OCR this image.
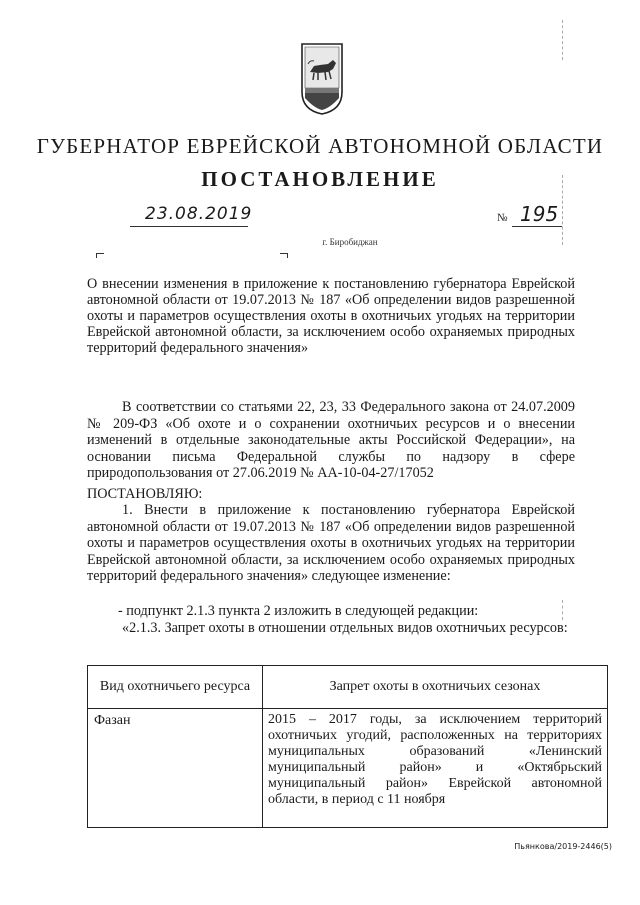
ГУБЕРНАТОР ЕВРЕЙСКОЙ АВТОНОМНОЙ ОБЛАСТИ
ПОСТАНОВЛЕНИЕ
23.08.2019	№ 195
г. Биробиджан
О внесении изменения в приложение к постановлению губернатора Еврейской автономной области от 19.07.2013 № 187 «Об определении видов разрешенной охоты и параметров осуществления охоты в охотничьих угодьях на территории Еврейской автономной области, за исключением особо охраняемых природных территорий федерального значения»
В соответствии со статьями 22, 23, 33 Федерального закона от 24.07.2009 № 209-ФЗ «Об охоте и о сохранении охотничьих ресурсов и о внесении изменений в отдельные законодательные акты Российской Федерации», на основании письма Федеральной службы по надзору в сфере природопользования от 27.06.2019 № АА-10-04-27/17052
ПОСТАНОВЛЯЮ:
1. Внести в приложение к постановлению губернатора Еврейской автономной области от 19.07.2013 № 187 «Об определении видов разрешенной охоты и параметров осуществления охоты в охотничьих угодьях на территории Еврейской автономной области, за исключением особо охраняемых природных территорий федерального значения» следующее изменение:
- подпункт 2.1.3 пункта 2 изложить в следующей редакции:
«2.1.3. Запрет охоты в отношении отдельных видов охотничьих ресурсов:
Вид охотничьего ресурса	Запрет охоты в охотничьих сезонах
Фазан	2015 – 2017 годы, за исключением территорий охотничьих угодий, расположенных на территориях муниципальных образований «Ленинский муниципальный район» и «Октябрьский муниципальный район» Еврейской автономной области, в период с 11 ноября
Пьянкова/2019-2446(5)
